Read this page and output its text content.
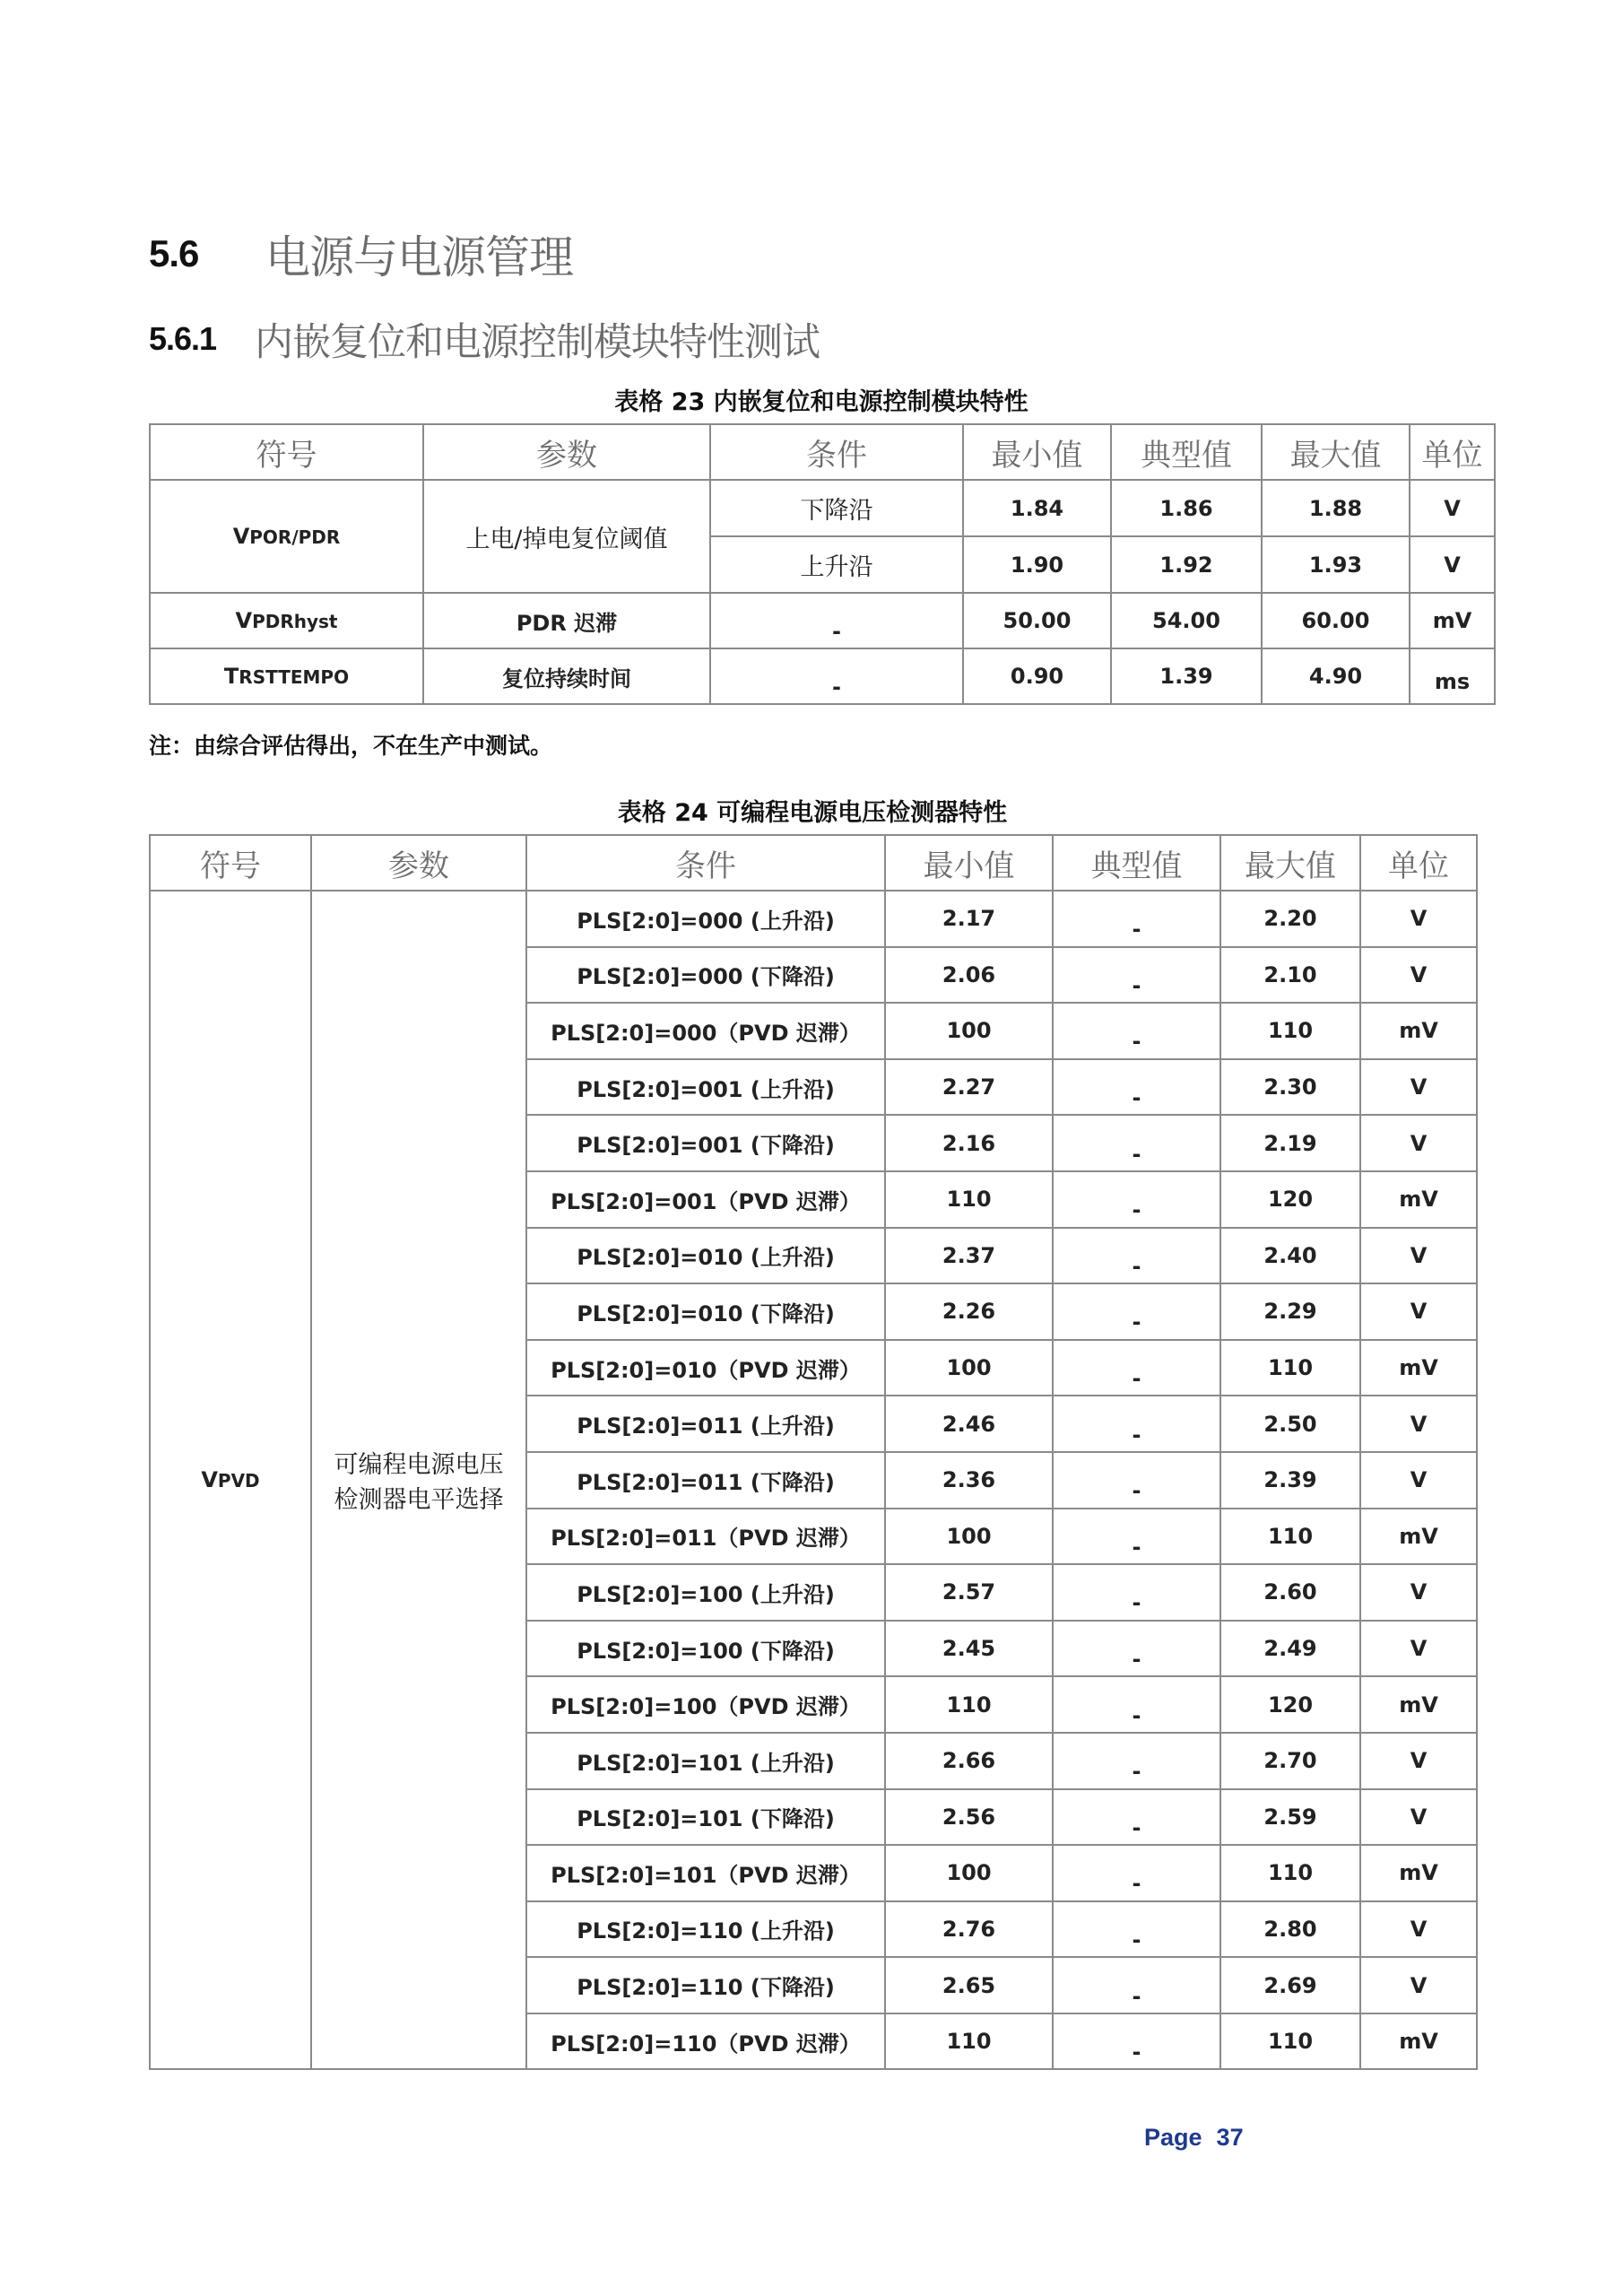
5.6	电源与电源管理
5.6.1 内嵌复位和电源控制模块特性测试
表格 23 内嵌复位和电源控制模块特性
符号	参数	条件	最小值	典型值	最大值	单位
VPOR/PDR	上电/掉电复位阈值	下降沿	1.84	1.86	1.88	V
		上升沿	1.90	1.92	1.93	V
VPDRhyst	PDR 迟滞	-	50.00	54.00	60.00	mV
TRSTTEMPO	复位持续时间	-	0.90	1.39	4.90	ms
注：由综合评估得出，不在生产中测试。
表格 24 可编程电源电压检测器特性
符号	参数	条件	最小值	典型值	最大值	单位
VPVD	可编程电源电压
检测器电平选择	PLS[2:0]=000 (上升沿)	2.17	-	2.20	V
		PLS[2:0]=000 (下降沿)	2.06	-	2.10	V
		PLS[2:0]=000（PVD 迟滞）	100	-	110	mV
		PLS[2:0]=001 (上升沿)	2.27	-	2.30	V
		PLS[2:0]=001 (下降沿)	2.16	-	2.19	V
		PLS[2:0]=001（PVD 迟滞）	110	-	120	mV
		PLS[2:0]=010 (上升沿)	2.37	-	2.40	V
		PLS[2:0]=010 (下降沿)	2.26	-	2.29	V
		PLS[2:0]=010（PVD 迟滞）	100	-	110	mV
		PLS[2:0]=011 (上升沿)	2.46	-	2.50	V
		PLS[2:0]=011 (下降沿)	2.36	-	2.39	V
		PLS[2:0]=011（PVD 迟滞）	100	-	110	mV
		PLS[2:0]=100 (上升沿)	2.57	-	2.60	V
		PLS[2:0]=100 (下降沿)	2.45	-	2.49	V
		PLS[2:0]=100（PVD 迟滞）	110	-	120	mV
		PLS[2:0]=101 (上升沿)	2.66	-	2.70	V
		PLS[2:0]=101 (下降沿)	2.56	-	2.59	V
		PLS[2:0]=101（PVD 迟滞）	100	-	110	mV
		PLS[2:0]=110 (上升沿)	2.76	-	2.80	V
		PLS[2:0]=110 (下降沿)	2.65	-	2.69	V
		PLS[2:0]=110（PVD 迟滞）	110	-	110	mV
Page 37
